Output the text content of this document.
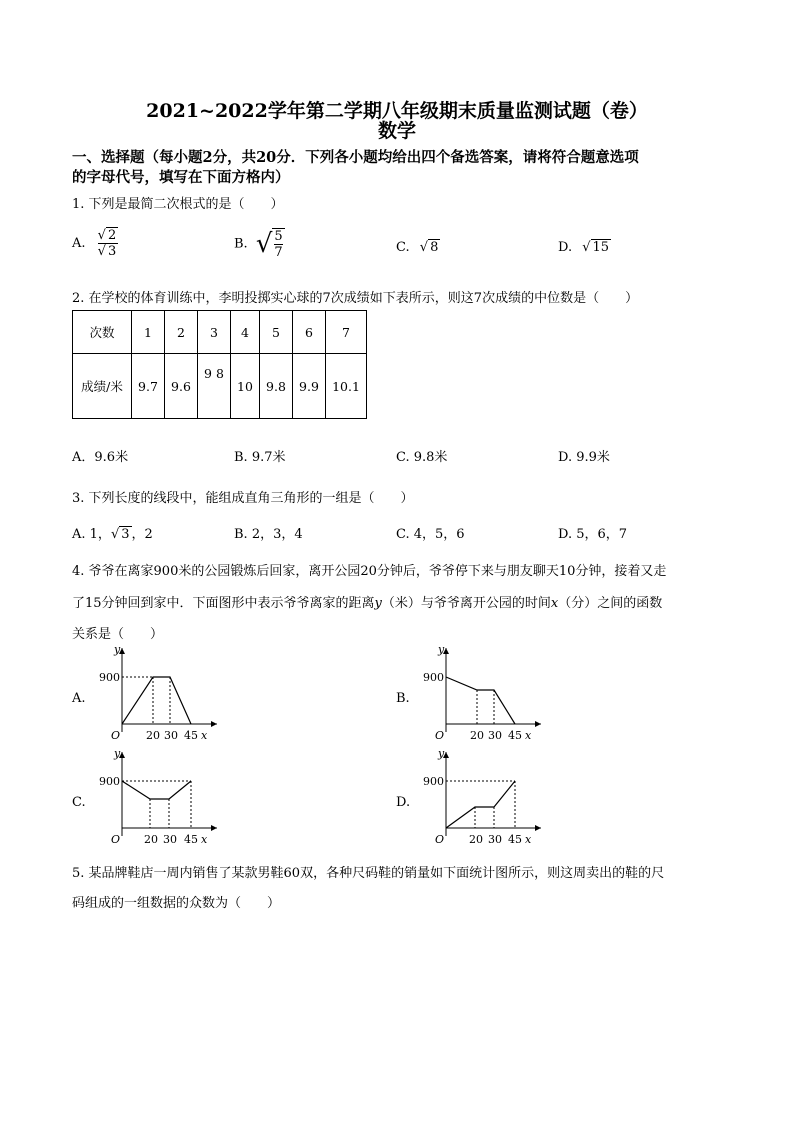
2021~2022学年第二学期八年级期末质量监测试题（卷）
数学
一、选择题（每小题2分，共20分．下列各小题均给出四个备选答案，请将符合题意选项
的字母代号，填写在下面方格内）
1. 下列是最简二次根式的是（　　）
A. $\frac{√ 2}{√ 3}$	B. √ $\frac{5}{7}$	C. √ 8	D. √ 15
2. 在学校的体育训练中，李明投掷实心球的7次成绩如下表所示，则这7次成绩的中位数是（　　）
次数	1	2	3	4	5	6	7
成绩/米	9.7	9.6	9 8	10	9.8	9.9	10.1
A．9.6米	B. 9.7米	C. 9.8米	D. 9.9米
3. 下列长度的线段中，能组成直角三角形的一组是（　　）
A. 1，√ 3 ，2	B. 2，3，4	C. 4，5，6	D. 5，6，7
4. 爷爷在离家900米的公园锻炼后回家，离开公园20分钟后，爷爷停下来与朋友聊天10分钟，接着又走
了15分钟回到家中．下面图形中表示爷爷离家的距离y（米）与爷爷离开公园的时间x（分）之间的函数
关系是（　　）
A.	B.
C.	D.
900
y
O 20 30 45 x
900
y
O 20 30 45 x
900
y
O 20 30 45 x
900
y
O 20 30 45 x
5. 某品牌鞋店一周内销售了某款男鞋60双，各种尺码鞋的销量如下面统计图所示，则这周卖出的鞋的尺
码组成的一组数据的众数为（　　）
